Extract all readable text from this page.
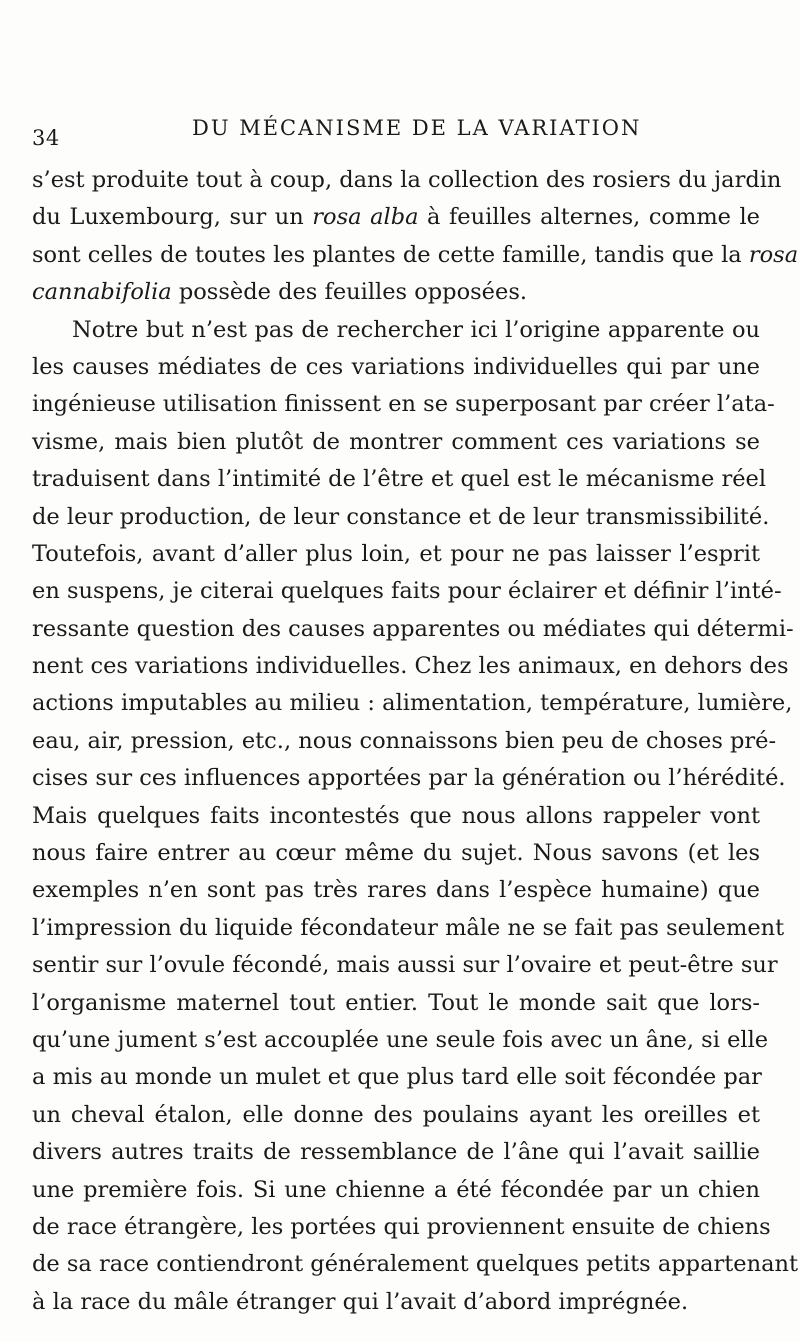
34	DU MÉCANISME DE LA VARIATION
s’est produite tout à coup, dans la collection des rosiers du jardin
du Luxembourg, sur un rosa alba à feuilles alternes, comme le
sont celles de toutes les plantes de cette famille, tandis que la rosa
cannabifolia possède des feuilles opposées.
Notre but n’est pas de rechercher ici l’origine apparente ou
les causes médiates de ces variations individuelles qui par une
ingénieuse utilisation finissent en se superposant par créer l’ata-
visme, mais bien plutôt de montrer comment ces variations se
traduisent dans l’intimité de l’être et quel est le mécanisme réel
de leur production, de leur constance et de leur transmissibilité.
Toutefois, avant d’aller plus loin, et pour ne pas laisser l’esprit
en suspens, je citerai quelques faits pour éclairer et définir l’inté-
ressante question des causes apparentes ou médiates qui détermi-
nent ces variations individuelles. Chez les animaux, en dehors des
actions imputables au milieu : alimentation, température, lumière,
eau, air, pression, etc., nous connaissons bien peu de choses pré-
cises sur ces influences apportées par la génération ou l’hérédité.
Mais quelques faits incontestés que nous allons rappeler vont
nous faire entrer au cœur même du sujet. Nous savons (et les
exemples n’en sont pas très rares dans l’espèce humaine) que
l’impression du liquide fécondateur mâle ne se fait pas seulement
sentir sur l’ovule fécondé, mais aussi sur l’ovaire et peut-être sur
l’organisme maternel tout entier. Tout le monde sait que lors-
qu’une jument s’est accouplée une seule fois avec un âne, si elle
a mis au monde un mulet et que plus tard elle soit fécondée par
un cheval étalon, elle donne des poulains ayant les oreilles et
divers autres traits de ressemblance de l’âne qui l’avait saillie
une première fois. Si une chienne a été fécondée par un chien
de race étrangère, les portées qui proviennent ensuite de chiens
de sa race contiendront généralement quelques petits appartenant
à la race du mâle étranger qui l’avait d’abord imprégnée.
